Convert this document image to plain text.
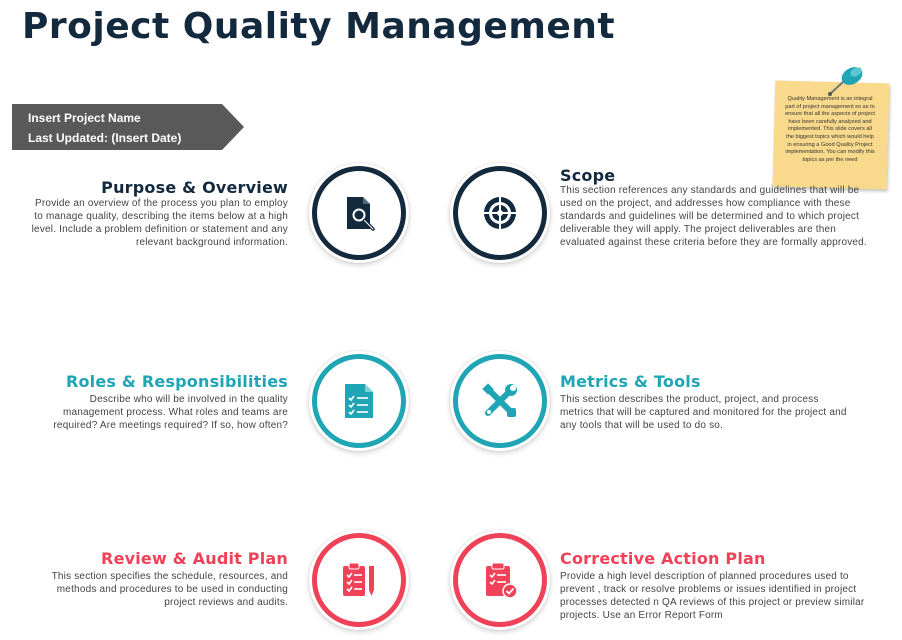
Project Quality Management
Insert Project Name
Last Updated: (Insert Date)
Quality Management is an integral part of project management so as to ensure that all the aspects of project have been carefully analysed and implemented. This slide covers all the biggest topics which would help in ensuring a Good Quality Project implementation. You can modify this topics as per the need
Purpose & Overview
Provide an overview of the process you plan to employ to manage quality, describing the items below at a high level. Include a problem definition or statement and any relevant background information.
Scope
This section references any standards and guidelines that will be used on the project, and addresses how compliance with these standards and guidelines will be determined and to which project deliverable they will apply. The project deliverables are then evaluated against these criteria before they are formally approved.
Roles & Responsibilities
Describe who will be involved in the quality management process. What roles and teams are required? Are meetings required? If so, how often?
Metrics & Tools
This section describes the product, project, and process metrics that will be captured and monitored for the project and any tools that will be used to do so.
Review & Audit Plan
This section specifies the schedule, resources, and methods and procedures to be used in conducting project reviews and audits.
Corrective Action Plan
Provide a high level description of planned procedures used to prevent , track or resolve problems or issues identified in project processes detected n QA reviews of this project or preview similar projects. Use an Error Report Form
